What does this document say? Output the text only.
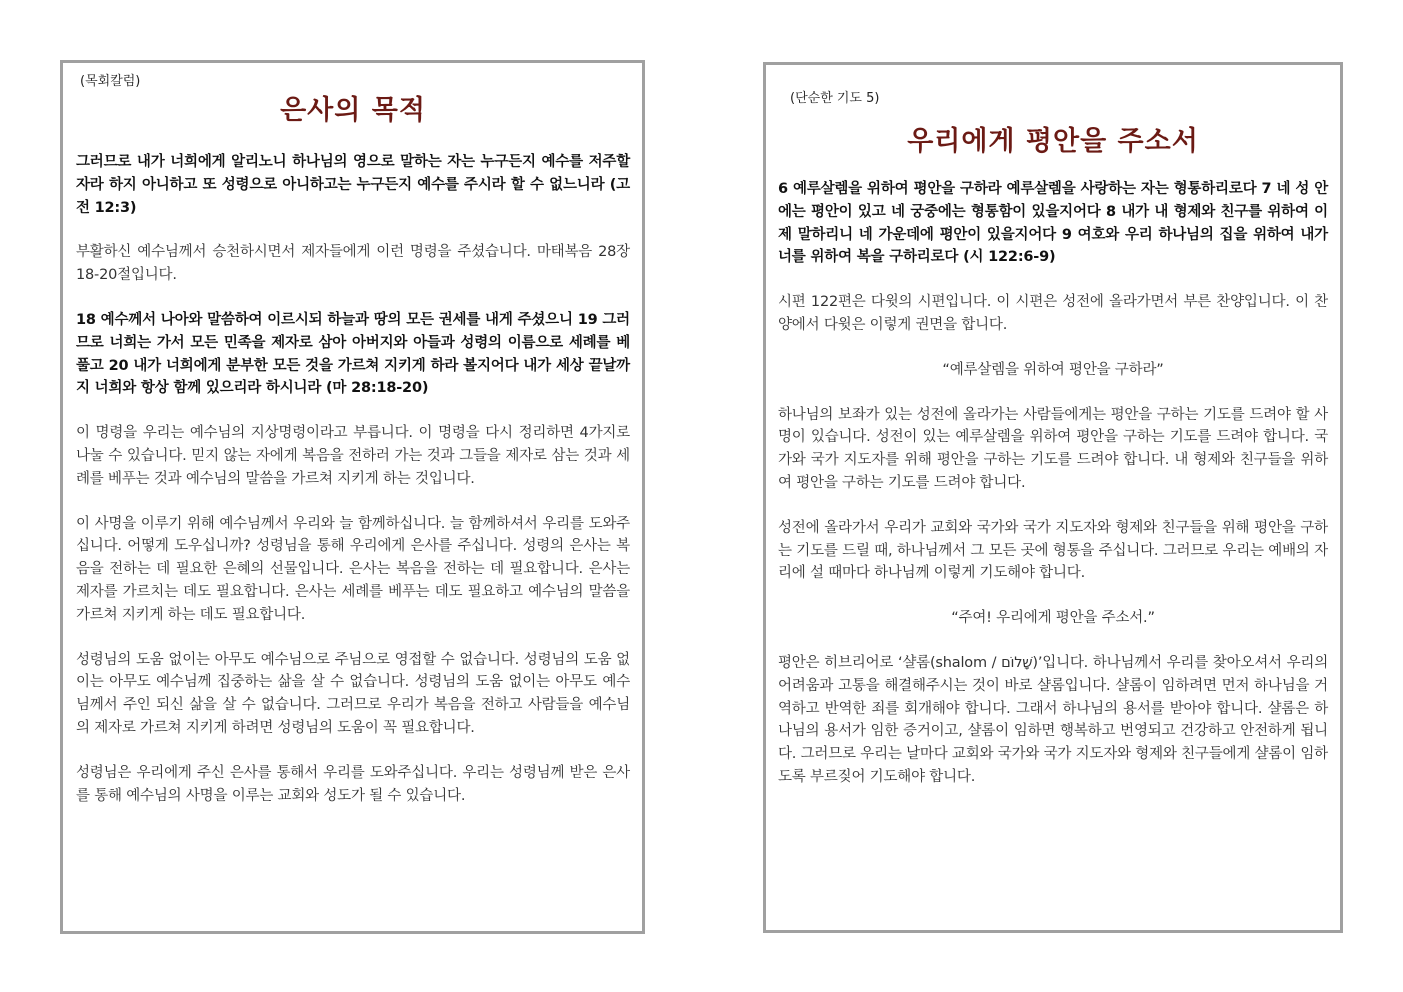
(목회칼럼)
은사의 목적

그러므로 내가 너희에게 알리노니 하나님의 영으로 말하는 자는 누구든지 예수를 저주할 자라 하지 아니하고 또 성령으로 아니하고는 누구든지 예수를 주시라 할 수 없느니라 (고전 12:3)

부활하신 예수님께서 승천하시면서 제자들에게 이런 명령을 주셨습니다. 마태복음 28장 18-20절입니다.

18 예수께서 나아와 말씀하여 이르시되 하늘과 땅의 모든 권세를 내게 주셨으니 19 그러므로 너희는 가서 모든 민족을 제자로 삼아 아버지와 아들과 성령의 이름으로 세례를 베풀고 20 내가 너희에게 분부한 모든 것을 가르쳐 지키게 하라 볼지어다 내가 세상 끝날까지 너희와 항상 함께 있으리라 하시니라 (마 28:18-20)

이 명령을 우리는 예수님의 지상명령이라고 부릅니다. 이 명령을 다시 정리하면 4가지로 나눌 수 있습니다. 믿지 않는 자에게 복음을 전하러 가는 것과 그들을 제자로 삼는 것과 세례를 베푸는 것과 예수님의 말씀을 가르쳐 지키게 하는 것입니다.

이 사명을 이루기 위해 예수님께서 우리와 늘 함께하십니다. 늘 함께하셔서 우리를 도와주십니다. 어떻게 도우십니까? 성령님을 통해 우리에게 은사를 주십니다. 성령의 은사는 복음을 전하는 데 필요한 은혜의 선물입니다. 은사는 복음을 전하는 데 필요합니다. 은사는 제자를 가르치는 데도 필요합니다. 은사는 세례를 베푸는 데도 필요하고 예수님의 말씀을 가르쳐 지키게 하는 데도 필요합니다.

성령님의 도움 없이는 아무도 예수님으로 주님으로 영접할 수 없습니다. 성령님의 도움 없이는 아무도 예수님께 집중하는 삶을 살 수 없습니다. 성령님의 도움 없이는 아무도 예수님께서 주인 되신 삶을 살 수 없습니다. 그러므로 우리가 복음을 전하고 사람들을 예수님의 제자로 가르쳐 지키게 하려면 성령님의 도움이 꼭 필요합니다.

성령님은 우리에게 주신 은사를 통해서 우리를 도와주십니다. 우리는 성령님께 받은 은사를 통해 예수님의 사명을 이루는 교회와 성도가 될 수 있습니다.

(단순한 기도 5)
우리에게 평안을 주소서

6 예루살렘을 위하여 평안을 구하라 예루살렘을 사랑하는 자는 형통하리로다 7 네 성 안에는 평안이 있고 네 궁중에는 형통함이 있을지어다 8 내가 내 형제와 친구를 위하여 이제 말하리니 네 가운데에 평안이 있을지어다 9 여호와 우리 하나님의 집을 위하여 내가 너를 위하여 복을 구하리로다 (시 122:6-9)

시편 122편은 다윗의 시편입니다. 이 시편은 성전에 올라가면서 부른 찬양입니다. 이 찬양에서 다윗은 이렇게 권면을 합니다.

“예루살렘을 위하여 평안을 구하라”

하나님의 보좌가 있는 성전에 올라가는 사람들에게는 평안을 구하는 기도를 드려야 할 사명이 있습니다. 성전이 있는 예루살렘을 위하여 평안을 구하는 기도를 드려야 합니다. 국가와 국가 지도자를 위해 평안을 구하는 기도를 드려야 합니다. 내 형제와 친구들을 위하여 평안을 구하는 기도를 드려야 합니다.

성전에 올라가서 우리가 교회와 국가와 국가 지도자와 형제와 친구들을 위해 평안을 구하는 기도를 드릴 때, 하나님께서 그 모든 곳에 형통을 주십니다. 그러므로 우리는 예배의 자리에 설 때마다 하나님께 이렇게 기도해야 합니다.

“주여! 우리에게 평안을 주소서.”

평안은 히브리어로 ‘샬롬(shalom / שָׁלוֹם)’입니다. 하나님께서 우리를 찾아오셔서 우리의 어려움과 고통을 해결해주시는 것이 바로 샬롬입니다. 샬롬이 임하려면 먼저 하나님을 거역하고 반역한 죄를 회개해야 합니다. 그래서 하나님의 용서를 받아야 합니다. 샬롬은 하나님의 용서가 임한 증거이고, 샬롬이 임하면 행복하고 번영되고 건강하고 안전하게 됩니다. 그러므로 우리는 날마다 교회와 국가와 국가 지도자와 형제와 친구들에게 샬롬이 임하도록 부르짖어 기도해야 합니다.
